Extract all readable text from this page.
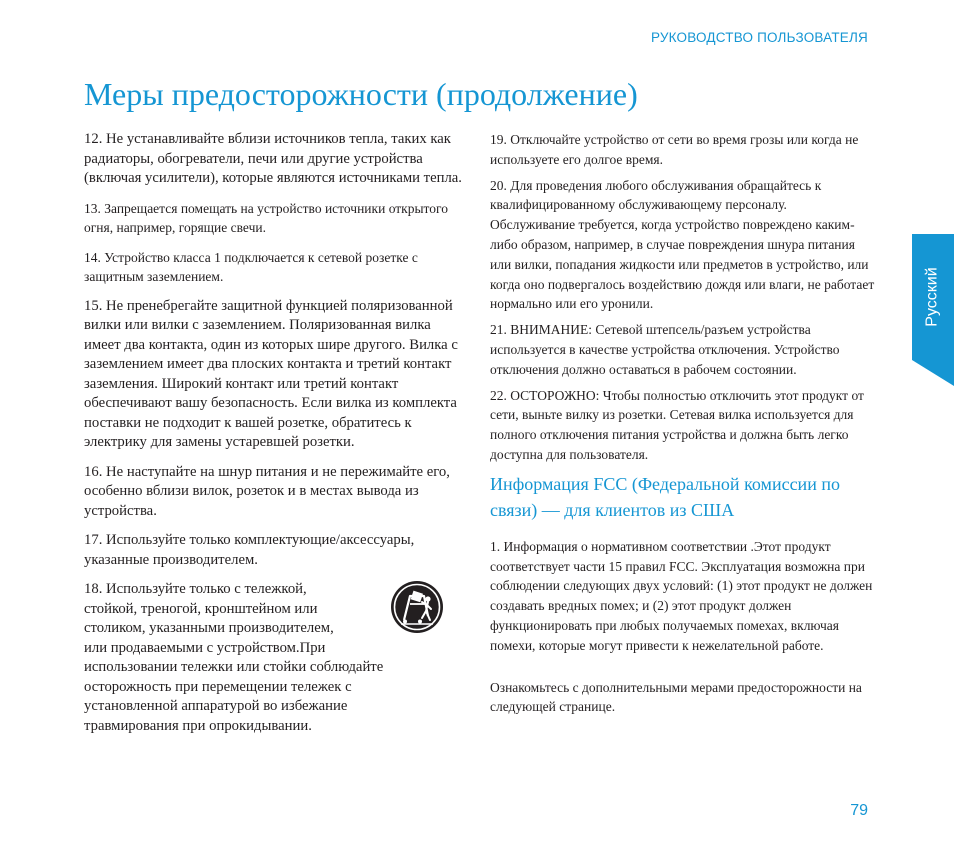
РУКОВОДСТВО ПОЛЬЗОВАТЕЛЯ
Меры предосторожности (продолжение)

12. Не устанавливайте вблизи источников тепла, таких как радиаторы, обогреватели, печи или другие устройства (включая усилители), которые являются источниками тепла.

13. Запрещается помещать на устройство источники открытого огня, например, горящие свечи.

14. Устройство класса 1 подключается к сетевой розетке с защитным заземлением.

15. Не пренебрегайте защитной функцией поляризованной вилки или вилки с заземлением. Поляризованная вилка имеет два контакта, один из которых шире другого. Вилка с заземлением имеет два плоских контакта и третий контакт заземления. Широкий контакт или третий контакт обеспечивают вашу безопасность. Если вилка из комплекта поставки не подходит к вашей розетке, обратитесь к электрику для замены устаревшей розетки.

16. Не наступайте на шнур питания и не пережимайте его, особенно вблизи вилок, розеток и в местах вывода из устройства.

17. Используйте только комплектующие/аксессуары, указанные производителем.

18. Используйте только с тележкой,
стойкой, треногой, кронштейном или
столиком, указанными производителем,
или продаваемыми с устройством.При
использовании тележки или стойки соблюдайте
осторожность при перемещении тележек с
установленной аппаратурой во избежание
травмирования при опрокидывании.

19. Отключайте устройство от сети во время грозы или когда не используете его долгое время.

20. Для проведения любого обслуживания обращайтесь к квалифицированному обслуживающему персоналу. Обслуживание требуется, когда устройство повреждено каким-либо образом, например, в случае повреждения шнура питания или вилки, попадания жидкости или предметов в устройство, или когда оно подвергалось воздействию дождя или влаги, не работает нормально или его уронили.

21. ВНИМАНИЕ: Сетевой штепсель/разъем устройства используется в качестве устройства отключения. Устройство отключения должно оставаться в рабочем состоянии.

22. ОСТОРОЖНО: Чтобы полностью отключить этот продукт от сети, выньте вилку из розетки. Сетевая вилка используется для полного отключения питания устройства и должна быть легко доступна для пользователя.

Информация FCC (Федеральной комиссии по связи) — для клиентов из США

1. Информация о нормативном соответствии .Этот продукт соответствует части 15 правил FCC. Эксплуатация возможна при соблюдении следующих двух условий: (1) этот продукт не должен создавать вредных помех; и (2) этот продукт должен функционировать при любых получаемых помехах, включая помехи, которые могут привести к нежелательной работе.

Ознакомьтесь с дополнительными мерами предосторожности на следующей странице.

Русский
79
